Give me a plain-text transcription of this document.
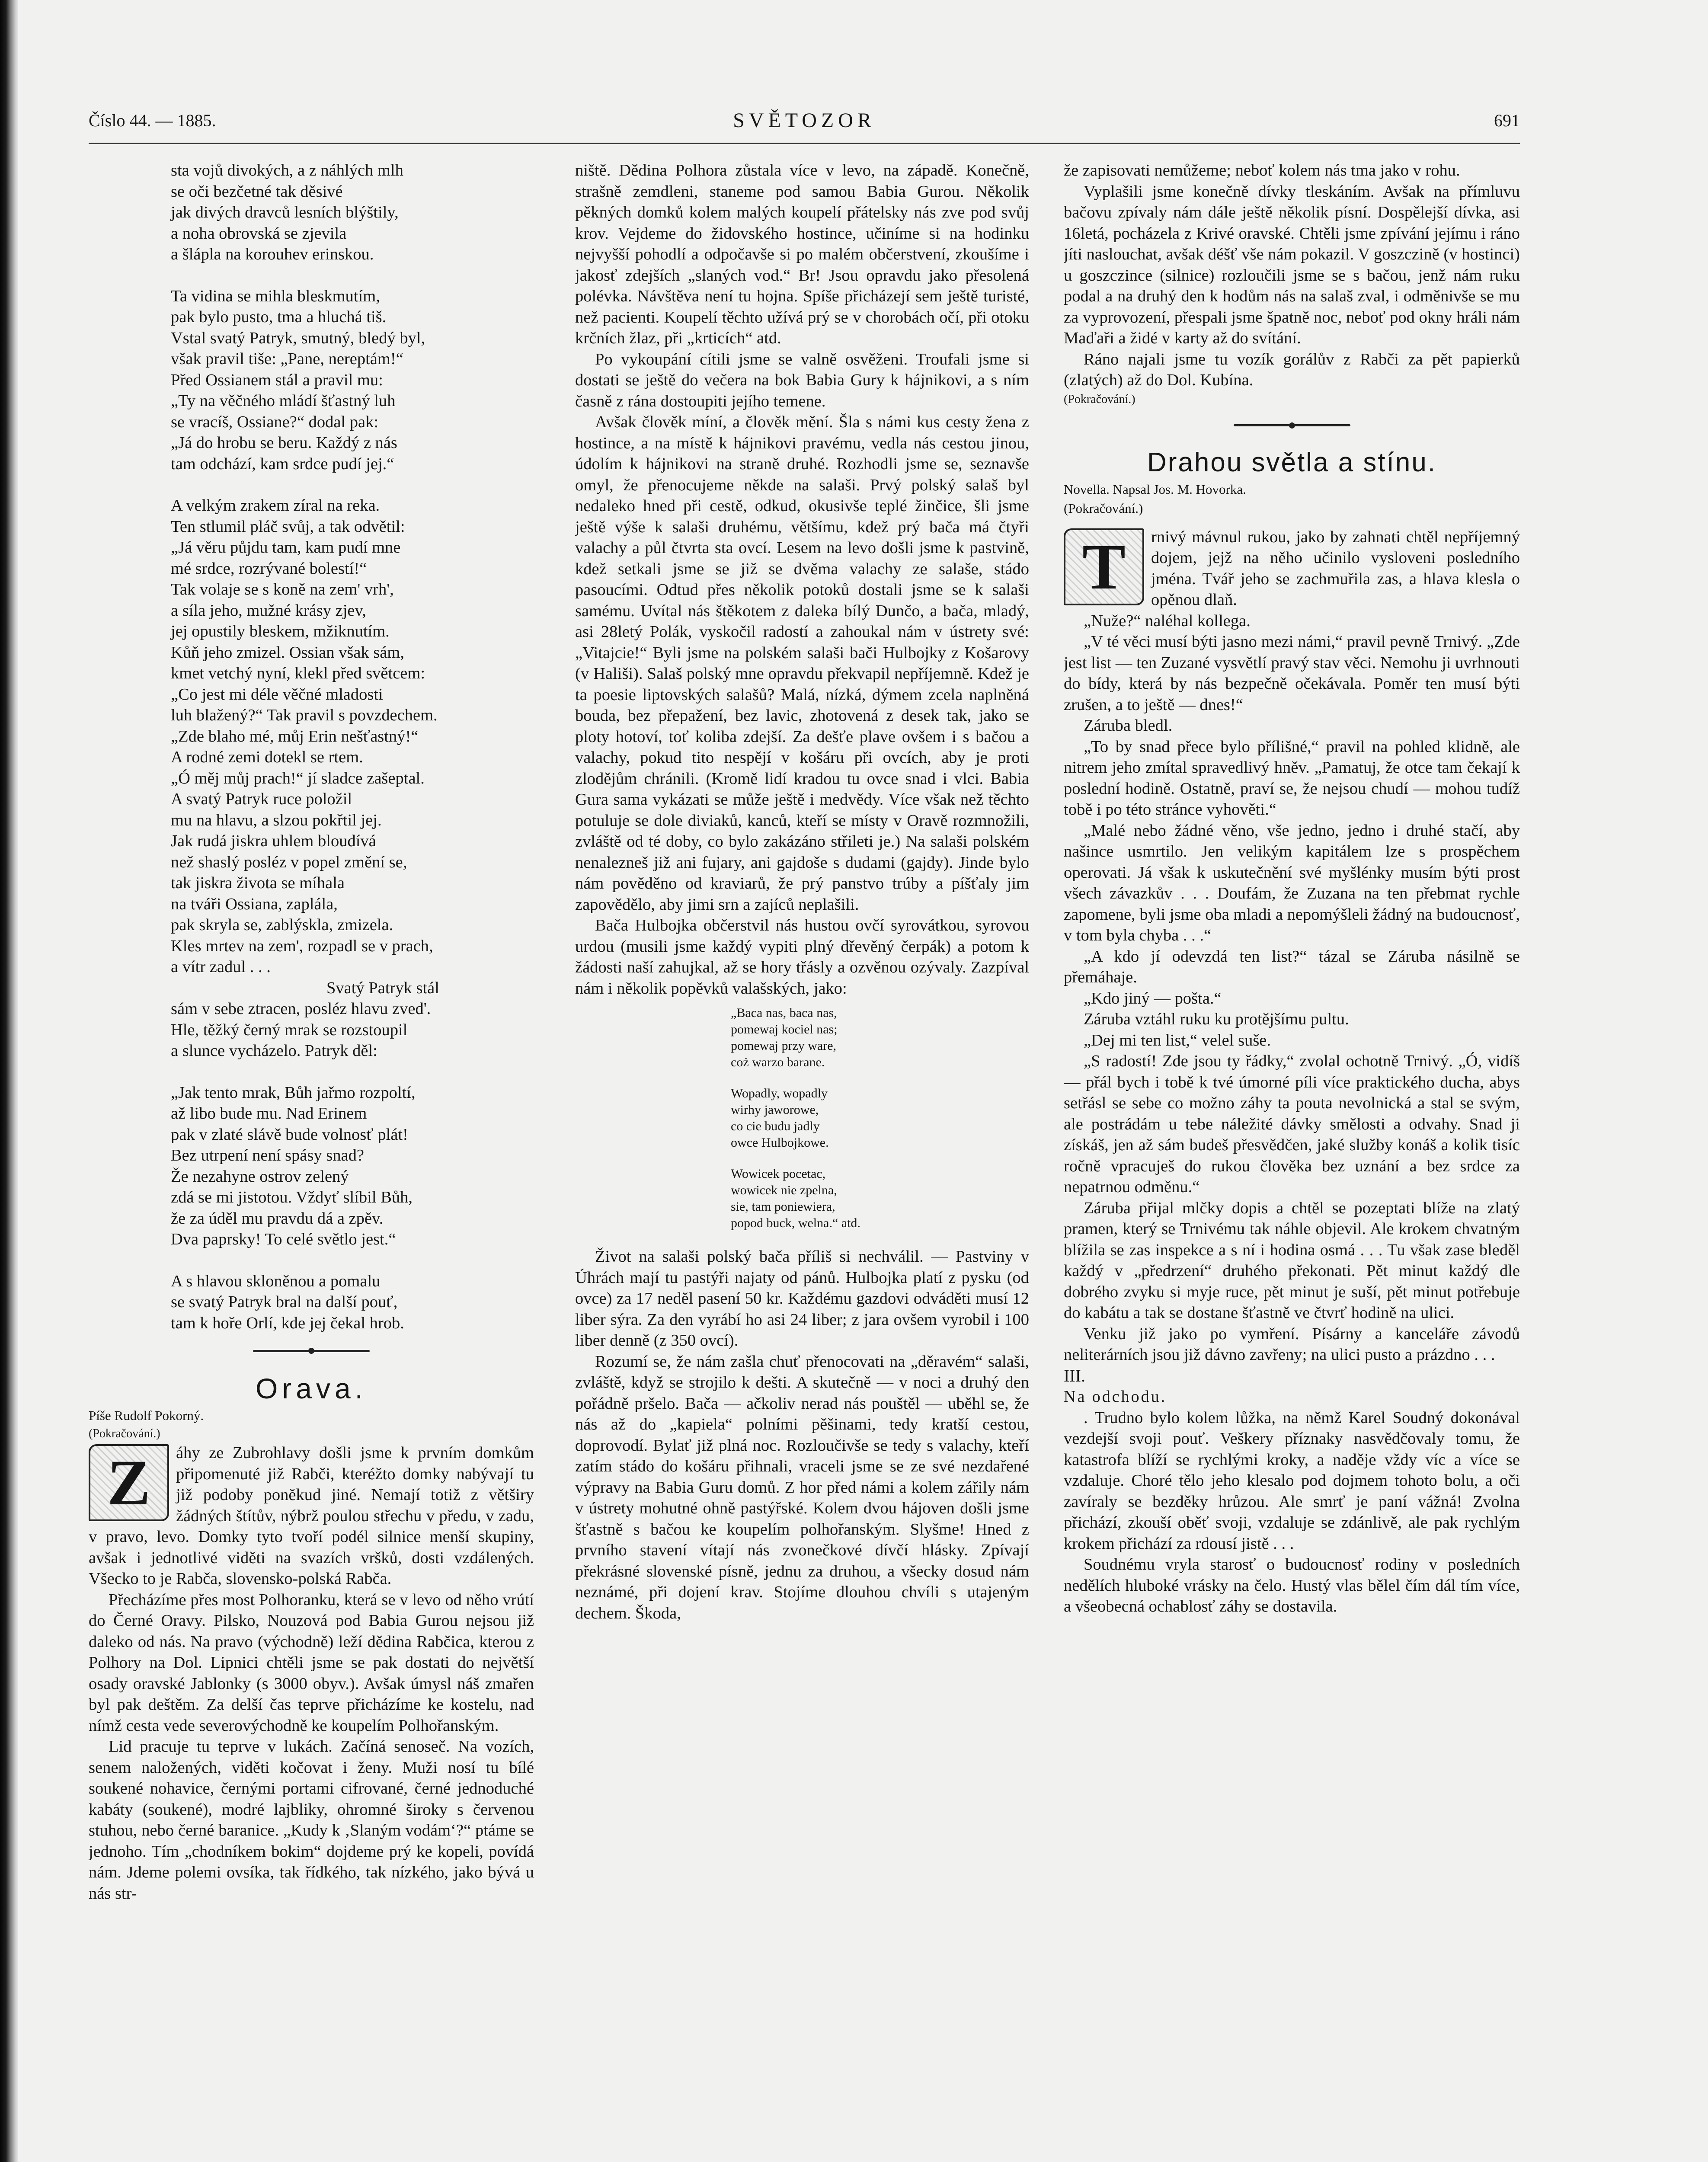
Číslo 44. — 1885.	SVĚTOZOR	691
sta vojů divokých, a z náhlých mlh
se oči bezčetné tak děsivé
jak divých dravců lesních blýštily,
a noha obrovská se zjevila
a šlápla na korouhev erinskou.
Ta vidina se mihla bleskmutím,
pak bylo pusto, tma a hluchá tiš.
Vstal svatý Patryk, smutný, bledý byl,
však pravil tiše: „Pane, nereptám!“
Před Ossianem stál a pravil mu:
„Ty na věčného mládí šťastný luh
se vracíš, Ossiane?“ dodal pak:
„Já do hrobu se beru. Každý z nás
tam odchází, kam srdce pudí jej.“
A velkým zrakem zíral na reka.
Ten stlumil pláč svůj, a tak odvětil:
„Já věru půjdu tam, kam pudí mne
mé srdce, rozrývané bolestí!“
Tak volaje se s koně na zem' vrh',
a síla jeho, mužné krásy zjev,
jej opustily bleskem, mžiknutím.
Kůň jeho zmizel. Ossian však sám,
kmet vetchý nyní, klekl před světcem:
„Co jest mi déle věčné mladosti
luh blažený?“ Tak pravil s povzdechem.
„Zde blaho mé, můj Erin nešťastný!“
A rodné zemi dotekl se rtem.
„Ó měj můj prach!“ jí sladce zašeptal.
A svatý Patryk ruce položil
mu na hlavu, a slzou pokřtil jej.
Jak rudá jiskra uhlem bloudívá
než shaslý posléz v popel změní se,
tak jiskra života se míhala
na tváři Ossiana, zaplála,
pak skryla se, zablýskla, zmizela.
Kles mrtev na zem', rozpadl se v prach,
a vítr zadul . . .
Svatý Patryk stál
sám v sebe ztracen, posléz hlavu zved'.
Hle, těžký černý mrak se rozstoupil
a slunce vycházelo. Patryk děl:
„Jak tento mrak, Bůh jařmo rozpoltí,
až libo bude mu. Nad Erinem
pak v zlaté slávě bude volnosť plát!
Bez utrpení není spásy snad?
Že nezahyne ostrov zelený
zdá se mi jistotou. Vždyť slíbil Bůh,
že za úděl mu pravdu dá a zpěv.
Dva paprsky! To celé světlo jest.“
A s hlavou skloněnou a pomalu
se svatý Patryk bral na další pouť,
tam k hoře Orlí, kde jej čekal hrob.
Orava.

Píše Rudolf Pokorný.

(Pokračování.)

Z	áhy ze Zubrohlavy došli jsme k prvním domkům připomenuté již Rabči, kteréžto domky nabývají tu již podoby ponĕkud jiné. Nemají totiž z větširy žádných štítův, nýbrž poulou střechu v předu, v zadu, v pravo, levo. Domky tyto tvoří podél silnice menší skupiny, avšak i jednotlivé viděti na svazích vršků, dosti vzdálených. Všecko to je Rabča, slovensko-polská Rabča.

Přecházíme přes most Polhoranku, která se v levo od něho vrútí do Černé Oravy. Pilsko, Nouzová pod Babia Gurou nejsou již daleko od nás. Na pravo (východně) leží dědina Rabčica, kterou z Polhory na Dol. Lipnici chtěli jsme se pak dostati do největší osady oravské Jablonky (s 3000 obyv.). Avšak úmysl náš zmařen byl pak deštěm. Za delší čas teprve přicházíme ke kostelu, nad nímž cesta vede severovýchodně ke koupelím Polhořanským.

Lid pracuje tu teprve v lukách. Začíná senoseč. Na vozích, senem naložených, viděti kočovat i ženy. Muži nosí tu bílé soukené nohavice, černými portami cifrované, černé jednoduché kabáty (soukené), modré lajbliky, ohromné široky s červenou stuhou, nebo černé baranice. „Kudy k ‚Slaným vodám‘?“ ptáme se jednoho. Tím „chodníkem bokim“ dojdeme prý ke kopeli, povídá nám. Jdeme polemi ovsíka, tak řídkého, tak nízkého, jako bývá u nás str-

niště. Dědina Polhora zůstala více v levo, na západě. Konečně, strašně zemdleni, staneme pod samou Babia Gurou. Několik pěkných domků kolem malých koupelí přátelsky nás zve pod svůj krov. Vejdeme do židovského hostince, učiníme si na hodinku nejvyšší pohodlí a odpočavše si po malém občerstvení, zkoušíme i jakosť zdejších „slaných vod.“ Br! Jsou opravdu jako přesolená polévka. Návštěva není tu hojna. Spíše přicházejí sem ještě turisté, než pacienti. Koupelí těchto užívá prý se v chorobách očí, při otoku krčních žlaz, při „krticích“ atd.

Po vykoupání cítili jsme se valně osvěženi. Troufali jsme si dostati se ještě do večera na bok Babia Gury k hájnikovi, a s ním časně z rána dostoupiti jejího temene.

Avšak člověk míní, a člověk mění. Šla s námi kus cesty žena z hostince, a na místě k hájnikovi pravému, vedla nás cestou jinou, údolím k hájnikovi na straně druhé. Rozhodli jsme se, seznavše omyl, že přenocujeme někde na salaši. Prvý polský salaš byl nedaleko hned při cestě, odkud, okusivše teplé žinčice, šli jsme ještě výše k salaši druhému, většímu, kdež prý bača má čtyři valachy a půl čtvrta sta ovcí. Lesem na levo došli jsme k pastvině, kdež setkali jsme se již se dvěma valachy ze salaše, stádo pasoucími. Odtud přes několik potoků dostali jsme se k salaši samému. Uvítal nás štěkotem z daleka bílý Dunčo, a bača, mladý, asi 28letý Polák, vyskočil radostí a zahoukal nám v ústrety své: „Vitajcie!“ Byli jsme na polském salaši bači Hulbojky z Košarovy (v Hališi). Salaš polský mne opravdu překvapil nepříjemně. Kdež je ta poesie liptovských salašů? Malá, nízká, dýmem zcela naplněná bouda, bez přepažení, bez lavic, zhotovená z desek tak, jako se ploty hotoví, toť koliba zdejší. Za dešťe plave ovšem i s bačou a valachy, pokud tito nespějí v košáru při ovcích, aby je proti zlodějům chránili. (Kromě lidí kradou tu ovce snad i vlci. Babia Gura sama vykázati se může ještě i medvědy. Více však než těchto potuluje se dole diviaků, kanců, kteří se místy v Oravě rozmnožili, zvláště od té doby, co bylo zakázáno střileti je.) Na salaši polském nenalezneš již ani fujary, ani gajdoše s dudami (gajdy). Jinde bylo nám pověděno od kraviarů, že prý panstvo trúby a píšťaly jim zapovědělo, aby jimi srn a zajíců neplašili.

Bača Hulbojka občerstvil nás hustou ovčí syrovátkou, syrovou urdou (musili jsme každý vypiti plný dřevěný čerpák) a potom k žádosti naší zahujkal, až se hory třásly a ozvěnou ozývaly. Zazpíval nám i několik popěvků valašských, jako:

„Baca nas, baca nas,
pomewaj kociel nas;
pomewaj przy ware,
coż warzo barane.
Wopadly, wopadly
wirhy jaworowe,
co cie budu jadly
owce Hulbojkowe.
Wowicek pocetac,
wowicek nie zpelna,
sie, tam poniewiera,
popod buck, welna.“ atd.

Život na salaši polský bača příliš si nechválil. — Pastviny v Úhrách mají tu pastýři najaty od pánů. Hulbojka platí z pysku (od ovce) za 17 nedĕl pasení 50 kr. Každému gazdovi odváděti musí 12 liber sýra. Za den vyrábí ho asi 24 liber; z jara ovšem vyrobil i 100 liber denně (z 350 ovcí).

Rozumí se, že nám zašla chuť přenocovati na „děravém“ salaši, zvláště, když se strojilo k dešti. A skutečně — v noci a druhý den pořádně pršelo. Bača — ačkoliv nerad nás pouštěl — uběhl se, že nás až do „kapiela“ polními pěšinami, tedy kratší cestou, doprovodí. Bylať již plná noc. Rozloučivše se tedy s valachy, kteří zatím stádo do košáru přihnali, vraceli jsme se ze své nezdařené výpravy na Babia Guru domů. Z hor před námi a kolem zářily nám v ústrety mohutné ohně pastýřské. Kolem dvou hájoven došli jsme šťastně s bačou ke koupelím polhořanským. Slyšme! Hned z prvního stavení vítají nás zvonečkové dívčí hlásky. Zpívají překrásné slovenské písně, jednu za druhou, a všecky dosud nám neznámé, při dojení krav. Stojíme dlouhou chvíli s utajeným dechem. Škoda,

že zapisovati nemůžeme; neboť kolem nás tma jako v rohu.

Vyplašili jsme konečně dívky tleskáním. Avšak na přímluvu bačovu zpívaly nám dále ještě několik písní. Dospělejší dívka, asi 16letá, pocházela z Krivé oravské. Chtěli jsme zpívání jejímu i ráno jíti naslouchat, avšak déšť vše nám pokazil. V goszczině (v hostinci) u goszczince (silnice) rozloučili jsme se s bačou, jenž nám ruku podal a na druhý den k hodům nás na salaš zval, i odměnivše se mu za vyprovození, přespali jsme špatně noc, neboť pod okny hráli nám Maďaři a židé v karty až do svítání.

Ráno najali jsme tu vozík gorálův z Rabči za pět papierků (zlatých) až do Dol. Kubína.

(Pokračování.)

Drahou světla a stínu.

Novella. Napsal Jos. M. Hovorka.

(Pokračování.)

T	rnivý mávnul rukou, jako by zahnati chtěl nepříjemný dojem, jejž na něho učinilo vysloveni posledního jména. Tvář jeho se zachmuřila zas, a hlava klesla o opěnou dlaň.

„Nuže?“ naléhal kollega.

„V té věci musí býti jasno mezi námi,“ pravil pevně Trnivý. „Zde jest list — ten Zuzané vysvětlí pravý stav věci. Nemohu ji uvrhnouti do bídy, která by nás bezpečně očekávala. Poměr ten musí býti zrušen, a to ještě — dnes!“

Záruba bledl.

„To by snad přece bylo přílišné,“ pravil na pohled klidně, ale nitrem jeho zmítal spravedlivý hněv. „Pamatuj, že otce tam čekají k poslední hodině. Ostatně, praví se, že nejsou chudí — mohou tudíž tobě i po této stránce vyhověti.“

„Malé nebo žádné věno, vše jedno, jedno i druhé stačí, aby našince usmrtilo. Jen velikým kapitálem lze s prospěchem operovati. Já však k uskutečnění své myšlénky musím býti prost všech závazkův . . . Doufám, že Zuzana na ten přebmat rychle zapomene, byli jsme oba mladi a nepomýšleli žádný na budoucnosť, v tom byla chyba . . .“

„A kdo jí odevzdá ten list?“ tázal se Záruba násilně se přemáhaje.

„Kdo jiný — pošta.“

Záruba vztáhl ruku ku protějšímu pultu.

„Dej mi ten list,“ velel suše.

„S radostí! Zde jsou ty řádky,“ zvolal ochotně Trnivý. „Ó, vidíš — přál bych i tobě k tvé úmorné píli více praktického ducha, abys setřásl se sebe co možno záhy ta pouta nevolnická a stal se svým, ale postrádám u tebe náležité dávky smělosti a odvahy. Snad ji získáš, jen až sám budeš přesvědčen, jaké služby konáš a kolik tisíc ročně vpracuješ do rukou člověka bez uznání a bez srdce za nepatrnou odměnu.“

Záruba přijal mlčky dopis a chtěl se pozeptati blíže na zlatý pramen, který se Trnivému tak náhle objevil. Ale krokem chvatným blížila se zas inspekce a s ní i hodina osmá . . . Tu však zase bleděl každý v „předrzení“ druhého překonati. Pět minut každý dle dobrého zvyku si myje ruce, pět minut je suší, pět minut potřebuje do kabátu a tak se dostane šťastně ve čtvrť hodině na ulici.

Venku již jako po vymření. Písárny a kanceláře závodů neliterárních jsou již dávno zavřeny; na ulici pusto a prázdno . . .

III.

Na odchodu.

. Trudno bylo kolem lůžka, na němž Karel Soudný dokonával vezdejší svoji pouť. Veškery příznaky nasvědčovaly tomu, že katastrofa blíží se rychlými kroky, a naděje vždy víc a více se vzdaluje. Choré tělo jeho klesalo pod dojmem tohoto bolu, a oči zavíraly se bezděky hrůzou. Ale smrť je paní vážná! Zvolna přichází, zkouší oběť svoji, vzdaluje se zdánlivě, ale pak rychlým krokem přichází za rdousí jistě . . .

Soudnému vryla starosť o budoucnosť rodiny v posledních nedělích hluboké vrásky na čelo. Hustý vlas bělel čím dál tím více, a všeobecná ochablosť záhy se dostavila.
